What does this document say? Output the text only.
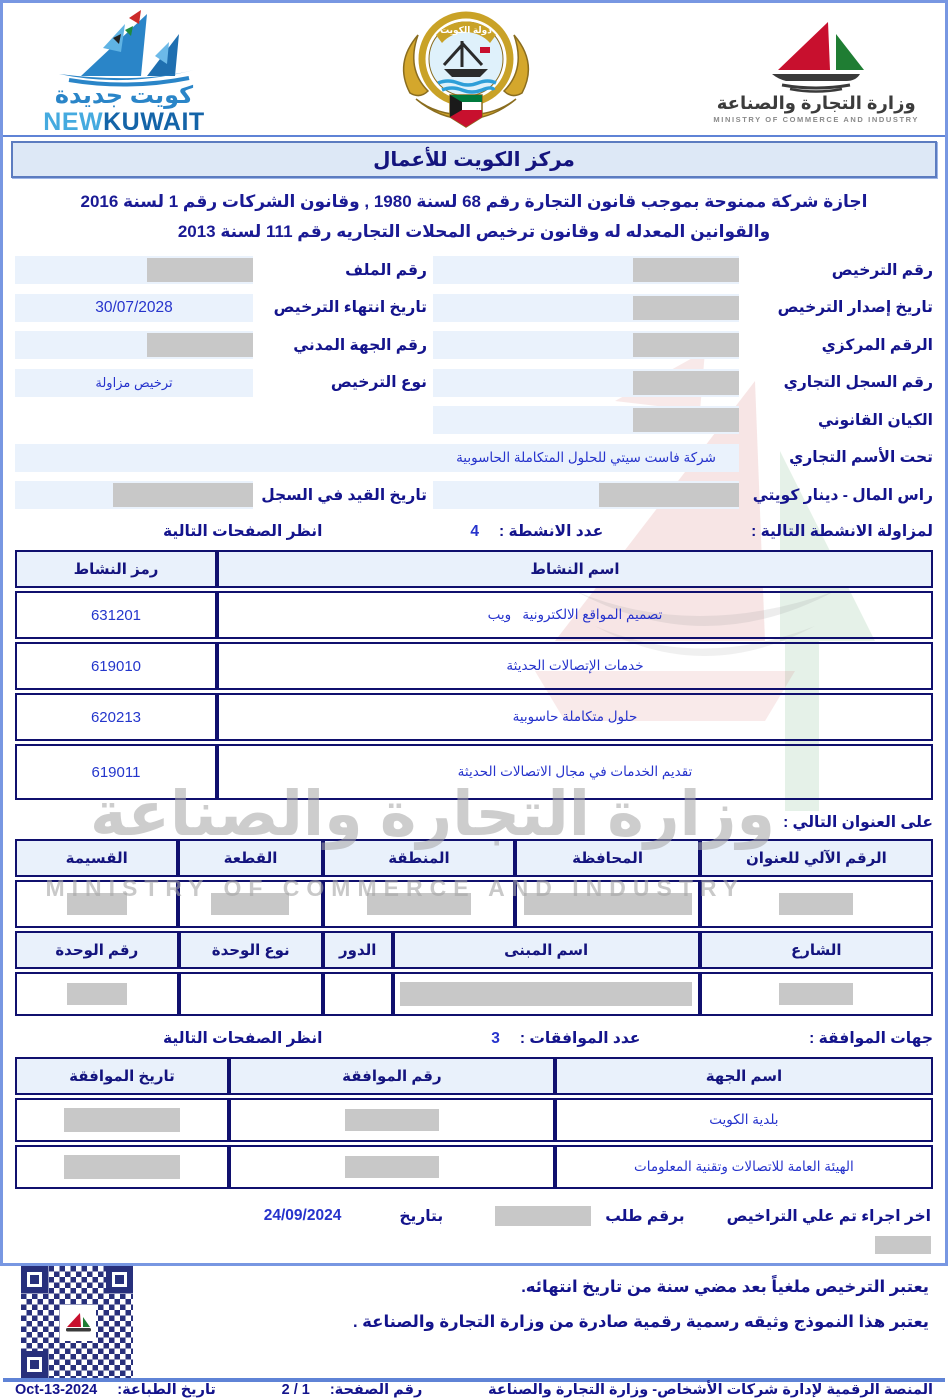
كويت جديدة
NEWKUWAIT
دولة الكويت
وزارة التجارة والصناعة
MINISTRY OF COMMERCE AND INDUSTRY
مركز الكويت للأعمال
وزارة التجارة والصناعة
MINISTRY OF COMMERCE AND INDUSTRY
اجازة شركة ممنوحة بموجب قانون التجارة رقم 68 لسنة 1980 , وقانون الشركات رقم 1 لسنة 2016
والقوانين المعدله له وقانون ترخيص المحلات التجاريه رقم 111 لسنة 2013
رقم الترخيص
رقم الملف
تاريخ إصدار الترخيص
تاريخ انتهاء الترخيص
30/07/2028
الرقم المركزي
رقم الجهة المدني
رقم السجل التجاري
نوع الترخيص
ترخيص مزاولة
الكيان القانوني
تحت الأسم التجاري
شركة فاست سيتي للحلول المتكاملة الحاسوبية
راس المال - دينار كويتي
تاريخ القيد في السجل
لمزاولة الانشطة التالية :
عدد الانشطة :
4
انظر الصفحات التالية
اسم النشاط	رمز النشاط
تصميم المواقع الالكترونية   ويب	631201
خدمات الإتصالات الحديثة	619010
حلول متكاملة حاسوبية	620213
تقديم الخدمات في مجال الاتصالات الحديثة	619011
على العنوان التالي :
الرقم الآلي للعنوان	المحافظة	المنطقة	القطعة	القسيمة

الشارع	اسم المبنى	الدور	نوع الوحدة	رقم الوحدة

جهات الموافقة :
عدد الموافقات :
3
انظر الصفحات التالية
اسم الجهة	رقم الموافقة	تاريخ الموافقة
بلدية الكويت		
الهيئة العامة للاتصالات وتقنية المعلومات		
اخر اجراء تم علي التراخيص
برقم طلب
بتاريخ
24/09/2024
يعتبر الترخيص ملغياً بعد مضي سنة من تاريخ انتهائه.
يعتبر هذا النموذج وثيقه رسمية رقمية صادرة من وزارة التجارة والصناعة .
المنصة الرقمية لإدارة شركات الأشخاص- وزارة التجارة والصناعة
رقم الصفحة:
1 / 2
تاريخ الطباعة:
2024-Oct-13
